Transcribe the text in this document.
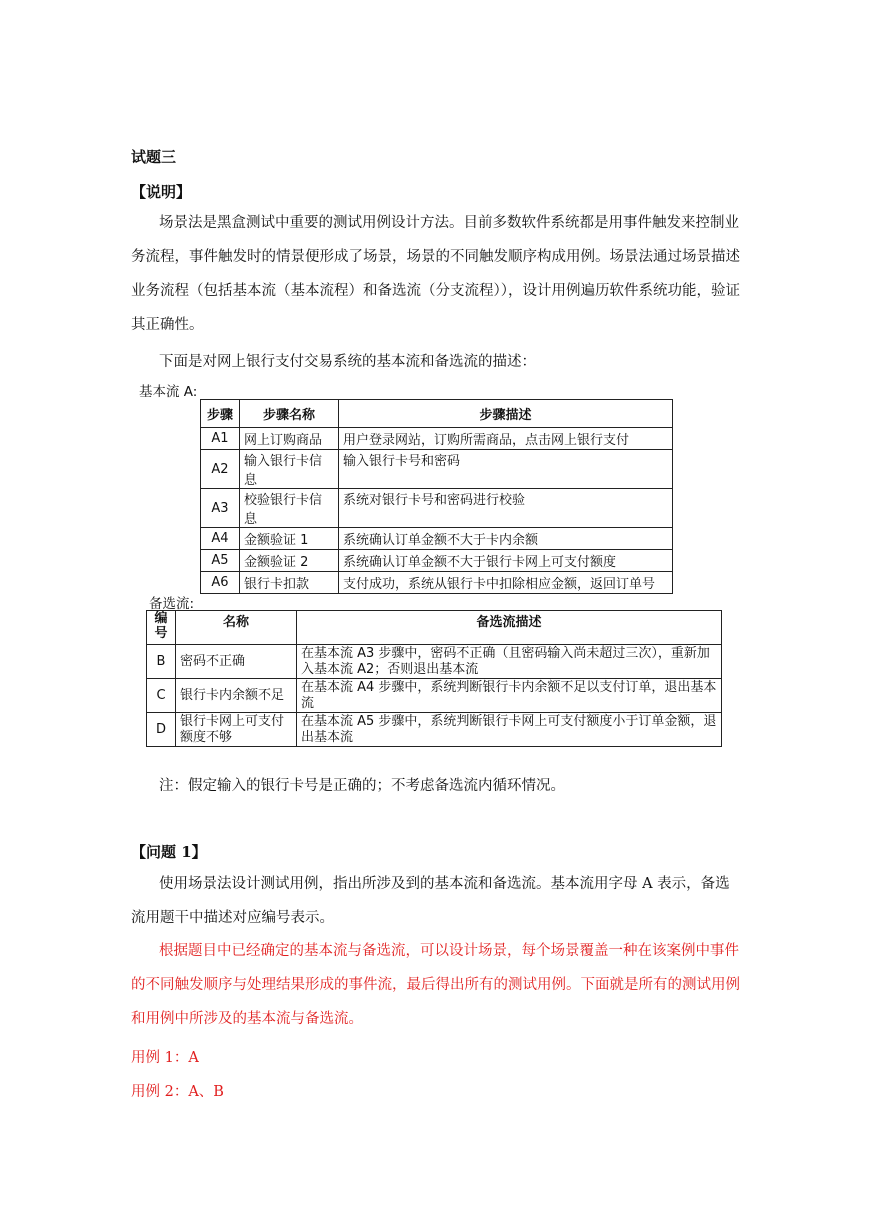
试题三
【说明】
场景法是黑盒测试中重要的测试用例设计方法。目前多数软件系统都是用事件触发来控制业务流程，事件触发时的情景便形成了场景，场景的不同触发顺序构成用例。场景法通过场景描述业务流程（包括基本流（基本流程）和备选流（分支流程）），设计用例遍历软件系统功能，验证其正确性。
下面是对网上银行支付交易系统的基本流和备选流的描述：
基本流 A:
步骤	步骤名称	步骤描述
A1	网上订购商品	用户登录网站，订购所需商品，点击网上银行支付
A2	输入银行卡信息	输入银行卡号和密码
A3	校验银行卡信息	系统对银行卡号和密码进行校验
A4	金额验证 1	系统确认订单金额不大于卡内余额
A5	金额验证 2	系统确认订单金额不大于银行卡网上可支付额度
A6	银行卡扣款	支付成功，系统从银行卡中扣除相应金额，返回订单号
备选流:
编号	名称	备选流描述
B	密码不正确	在基本流 A3 步骤中，密码不正确（且密码输入尚未超过三次），重新加入基本流 A2；否则退出基本流
C	银行卡内余额不足	在基本流 A4 步骤中，系统判断银行卡内余额不足以支付订单，退出基本流
D	银行卡网上可支付额度不够	在基本流 A5 步骤中，系统判断银行卡网上可支付额度小于订单金额，退出基本流
注：假定输入的银行卡号是正确的；不考虑备选流内循环情况。
【问题 1】
使用场景法设计测试用例，指出所涉及到的基本流和备选流。基本流用字母 A 表示，备选流用题干中描述对应编号表示。
根据题目中已经确定的基本流与备选流，可以设计场景，每个场景覆盖一种在该案例中事件的不同触发顺序与处理结果形成的事件流，最后得出所有的测试用例。下面就是所有的测试用例和用例中所涉及的基本流与备选流。
用例 1：A
用例 2：A、B
